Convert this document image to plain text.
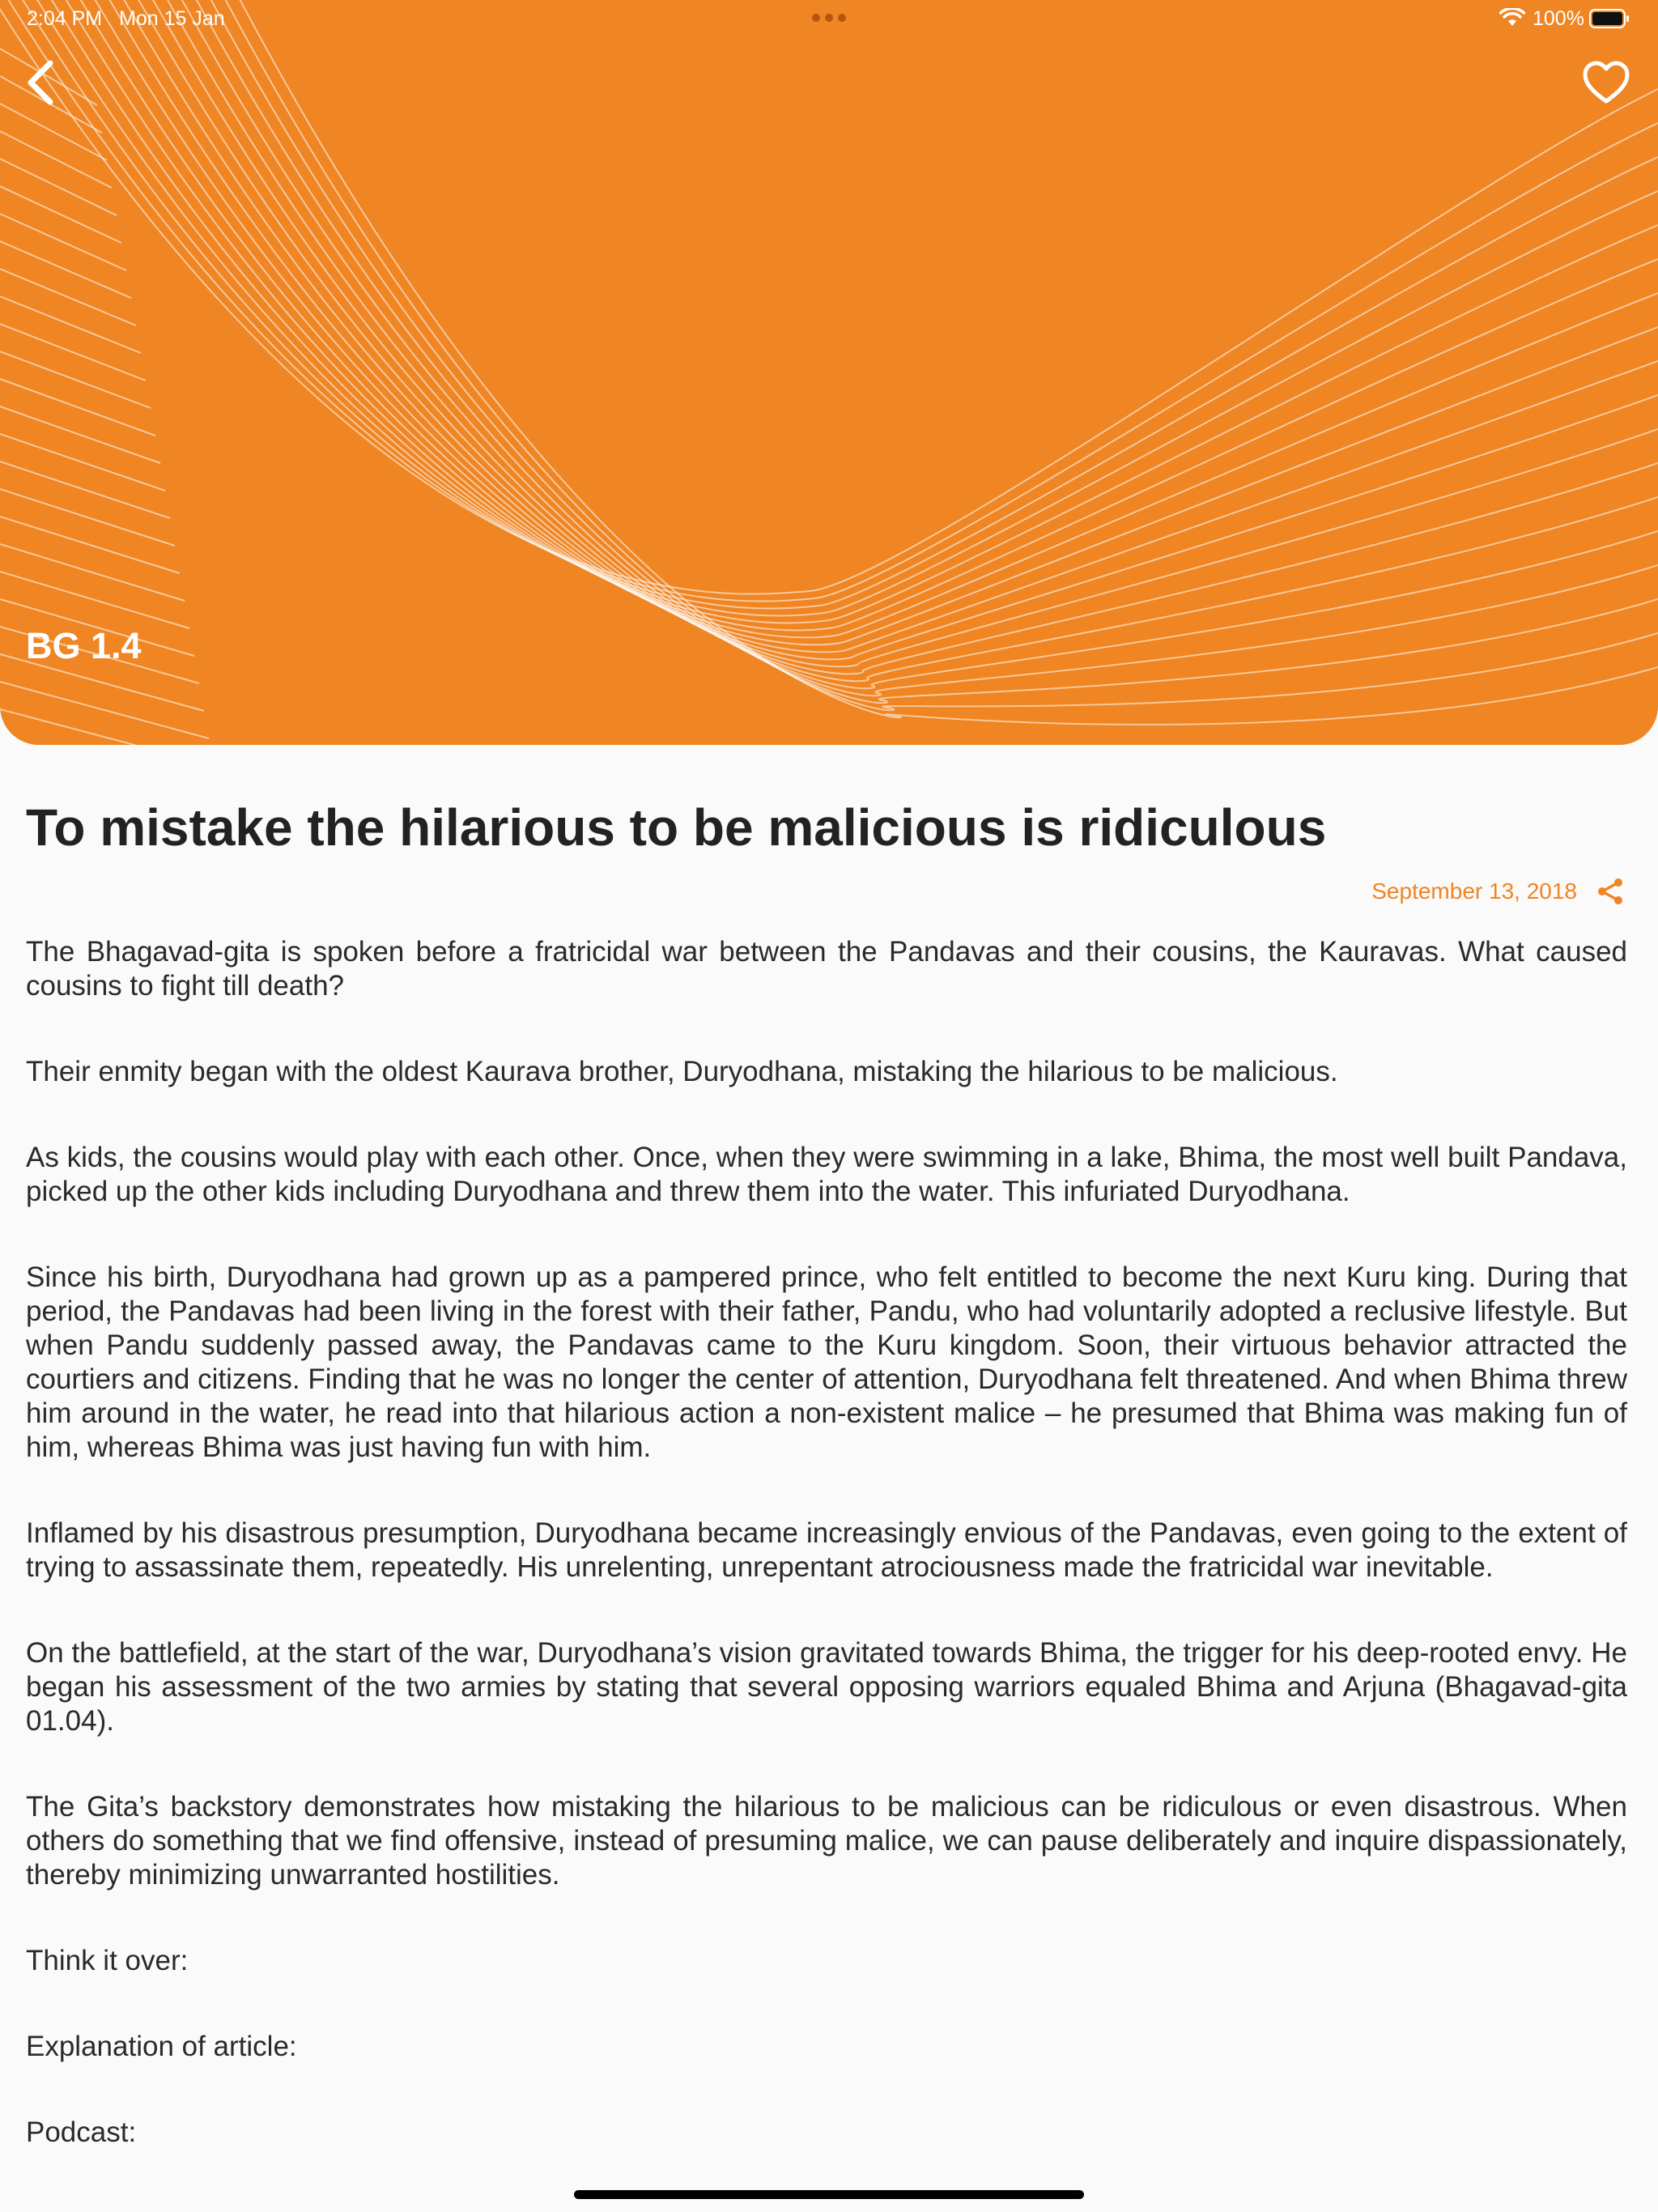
2:04 PM Mon 15 Jan	100%
BG 1.4
To mistake the hilarious to be malicious is ridiculous
September 13, 2018

The Bhagavad-gita is spoken before a fratricidal war between the Pandavas and their cousins, the Kauravas. What caused cousins to fight till death?

Their enmity began with the oldest Kaurava brother, Duryodhana, mistaking the hilarious to be malicious.

As kids, the cousins would play with each other. Once, when they were swimming in a lake, Bhima, the most well built Pandava, picked up the other kids including Duryodhana and threw them into the water. This infuriated Duryodhana.

Since his birth, Duryodhana had grown up as a pampered prince, who felt entitled to become the next Kuru king. During that period, the Pandavas had been living in the forest with their father, Pandu, who had voluntarily adopted a reclusive lifestyle. But when Pandu suddenly passed away, the Pandavas came to the Kuru kingdom. Soon, their virtuous behavior attracted the courtiers and citizens. Finding that he was no longer the center of attention, Duryodhana felt threatened. And when Bhima threw him around in the water, he read into that hilarious action a non-existent malice – he presumed that Bhima was making fun of him, whereas Bhima was just having fun with him.

Inflamed by his disastrous presumption, Duryodhana became increasingly envious of the Pandavas, even going to the extent of trying to assassinate them, repeatedly. His unrelenting, unrepentant atrociousness made the fratricidal war inevitable.

On the battlefield, at the start of the war, Duryodhana’s vision gravitated towards Bhima, the trigger for his deep-rooted envy. He began his assessment of the two armies by stating that several opposing warriors equaled Bhima and Arjuna (Bhagavad-gita 01.04).

The Gita’s backstory demonstrates how mistaking the hilarious to be malicious can be ridiculous or even disastrous. When others do something that we find offensive, instead of presuming malice, we can pause deliberately and inquire dispassionately, thereby minimizing unwarranted hostilities.

Think it over:

Explanation of article:

Podcast:
